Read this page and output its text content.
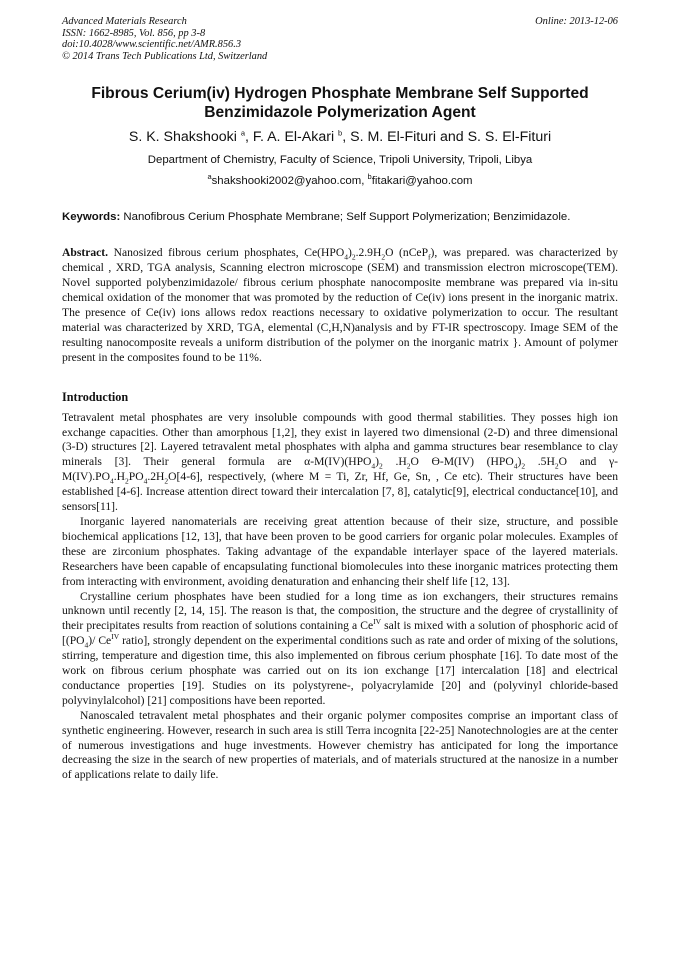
Advanced Materials Research
ISSN: 1662-8985, Vol. 856, pp 3-8
doi:10.4028/www.scientific.net/AMR.856.3
© 2014 Trans Tech Publications Ltd, Switzerland
Online: 2013-12-06
Fibrous Cerium(iv) Hydrogen Phosphate Membrane Self Supported
Benzimidazole Polymerization Agent
S. K. Shakshooki $^a$, F. A. El-Akari $^b$, S. M. El-Fituri and S. S. El-Fituri
Department of Chemistry, Faculty of Science, Tripoli University, Tripoli, Libya
$^a$shakshooki2002@yahoo.com, $^b$fitakari@yahoo.com
Keywords: Nanofibrous Cerium Phosphate Membrane; Self Support Polymerization; Benzimidazole.
Abstract. Nanosized fibrous cerium phosphates, $Ce(HPO_4)_2.2.9H_2O$ (nCeP$_f$), was prepared. was characterized by chemical , XRD, TGA analysis, Scanning electron microscope (SEM) and transmission electron microscope(TEM). Novel supported polybenzimidazole/ fibrous cerium phosphate nanocomposite membrane was prepared via in-situ chemical oxidation of the monomer that was promoted by the reduction of Ce(iv) ions present in the inorganic matrix. The presence of Ce(iv) ions allows redox reactions necessary to oxidative polymerization to occur. The resultant material was characterized by XRD, TGA, elemental (C,H,N)analysis and by FT-IR spectroscopy. Image SEM of the resulting nanocomposite reveals a uniform distribution of the polymer on the inorganic matrix }. Amount of polymer present in the composites found to be 11%.
Introduction

Tetravalent metal phosphates are very insoluble compounds with good thermal stabilities. They posses high ion exchange capacities. Other than amorphous [1,2], they exist in layered two dimensional (2-D) and three dimensional (3-D) structures [2]. Layered tetravalent metal phosphates with alpha and gamma structures bear resemblance to clay minerals [3]. Their general formula are $\alpha-M(IV)(HPO_4)_2$ $.H_2O$ Ɵ-M(IV) $(HPO_4)_2$ $.5H_2O$ and $\gamma-M(IV).PO_4.H_2PO_4.2H_2O[4-6]$, respectively, (where M = Ti, Zr, Hf, Ge, Sn, , Ce etc). Their structures have been established [4-6]. Increase attention direct toward their intercalation [7, 8], catalytic[9], electrical conductance[10], and sensors[11].

Inorganic layered nanomaterials are receiving great attention because of their size, structure, and possible biochemical applications [12, 13], that have been proven to be good carriers for organic polar molecules. Examples of these are zirconium phosphates. Taking advantage of the expandable interlayer space of the layered materials. Researchers have been capable of encapsulating functional biomolecules into these inorganic matrices protecting them from interacting with environment, avoiding denaturation and enhancing their shelf life [12, 13].

Crystalline cerium phosphates have been studied for a long time as ion exchangers, their structures remains unknown until recently [2, 14, 15]. The reason is that, the composition, the structure and the degree of crystallinity of their precipitates results from reaction of solutions containing a $Ce^{IV}$ salt is mixed with a solution of phosphoric acid of [$(PO_4)/$ $Ce^{IV}$ ratio], strongly dependent on the experimental conditions such as rate and order of mixing of the solutions, stirring, temperature and digestion time, this also implemented on fibrous cerium phosphate [16]. To date most of the work on fibrous cerium phosphate was carried out on its ion exchange [17] intercalation [18] and electrical conductance properties [19]. Studies on its polystyrene-, polyacrylamide [20] and (polyvinyl chloride-based polyvinylalcohol) [21] compositions have been reported.

Nanoscaled tetravalent metal phosphates and their organic polymer composites comprise an important class of synthetic engineering. However, research in such area is still Terra incognita [22-25] Nanotechnologies are at the center of numerous investigations and huge investments. However chemistry has anticipated for long the importance decreasing the size in the search of new properties of materials, and of materials structured at the nanosize in a number of applications relate to daily life.
